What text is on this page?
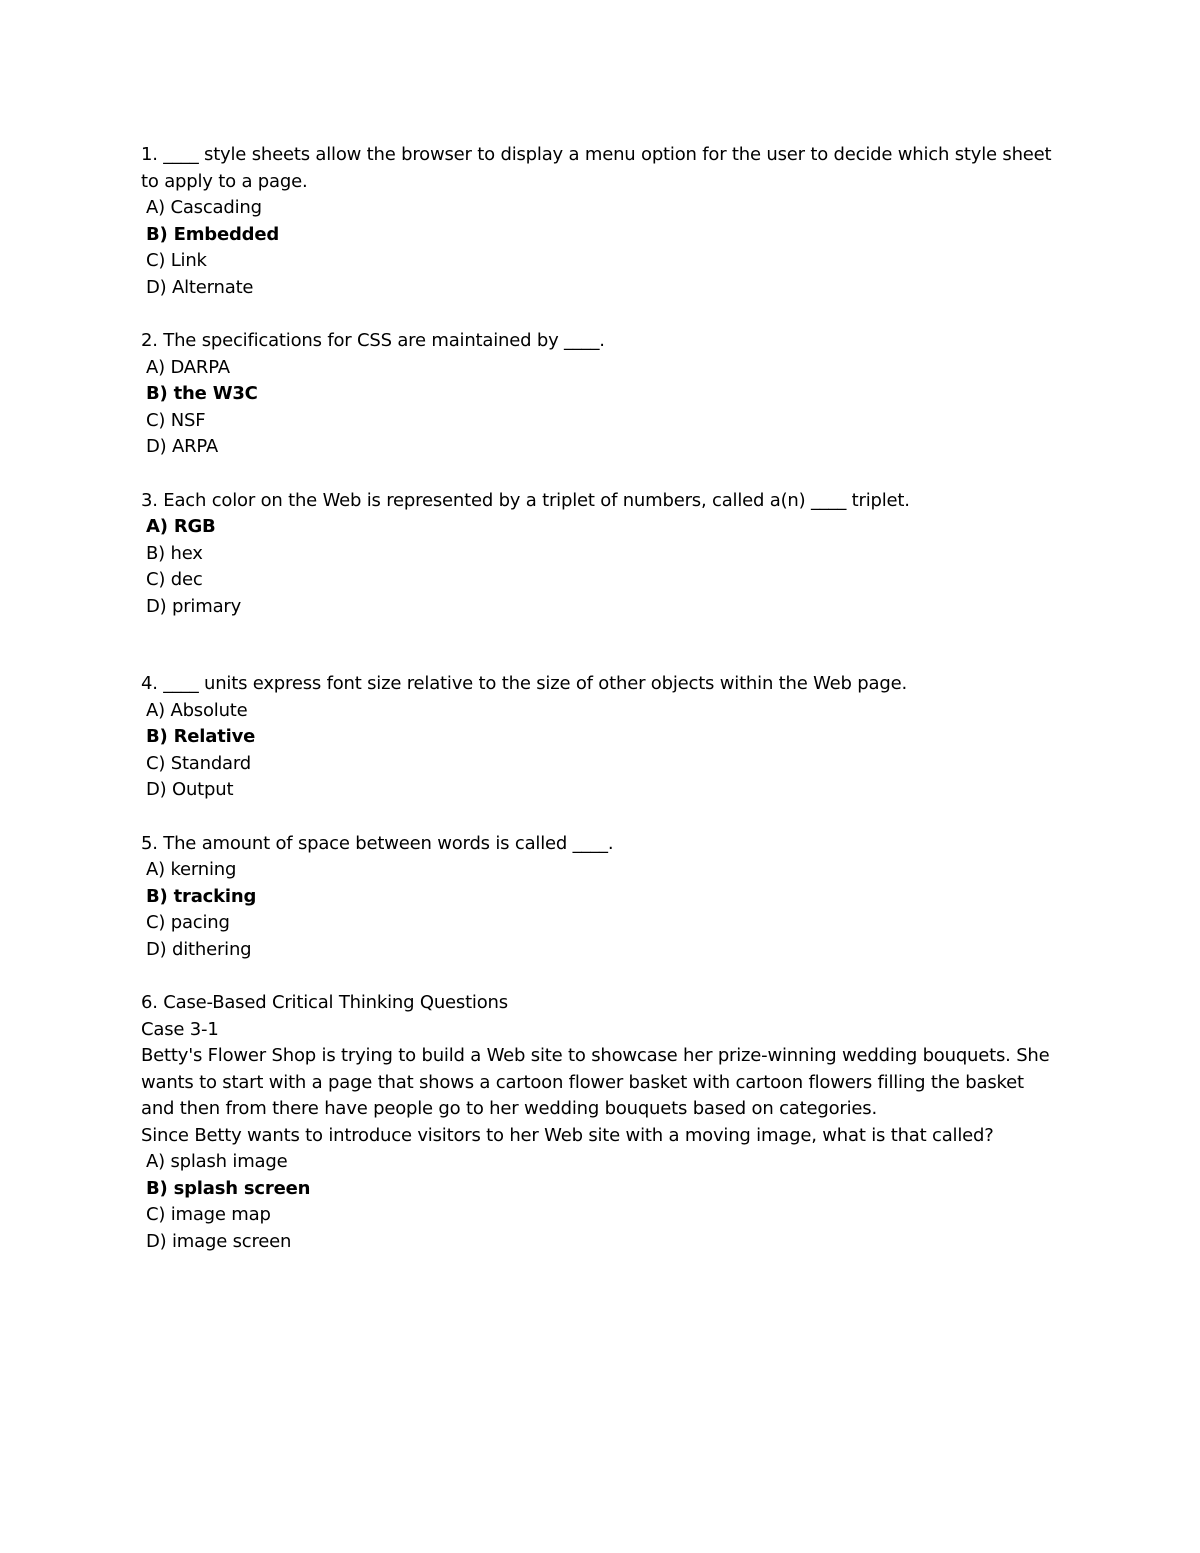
1. ____ style sheets allow the browser to display a menu option for the user to decide which style sheet to apply to a page.

A) Cascading

B) Embedded

C) Link

D) Alternate

2. The specifications for CSS are maintained by ____.

A) DARPA

B) the W3C

C) NSF

D) ARPA

3. Each color on the Web is represented by a triplet of numbers, called a(n) ____ triplet.

A) RGB

B) hex

C) dec

D) primary

4. ____ units express font size relative to the size of other objects within the Web page.

A) Absolute

B) Relative

C) Standard

D) Output

5. The amount of space between words is called ____.

A) kerning

B) tracking

C) pacing

D) dithering

6. Case-Based Critical Thinking Questions

Case 3-1

Betty's Flower Shop is trying to build a Web site to showcase her prize-winning wedding bouquets. She wants to start with a page that shows a cartoon flower basket with cartoon flowers filling the basket and then from there have people go to her wedding bouquets based on categories.

Since Betty wants to introduce visitors to her Web site with a moving image, what is that called?

A) splash image

B) splash screen

C) image map

D) image screen
